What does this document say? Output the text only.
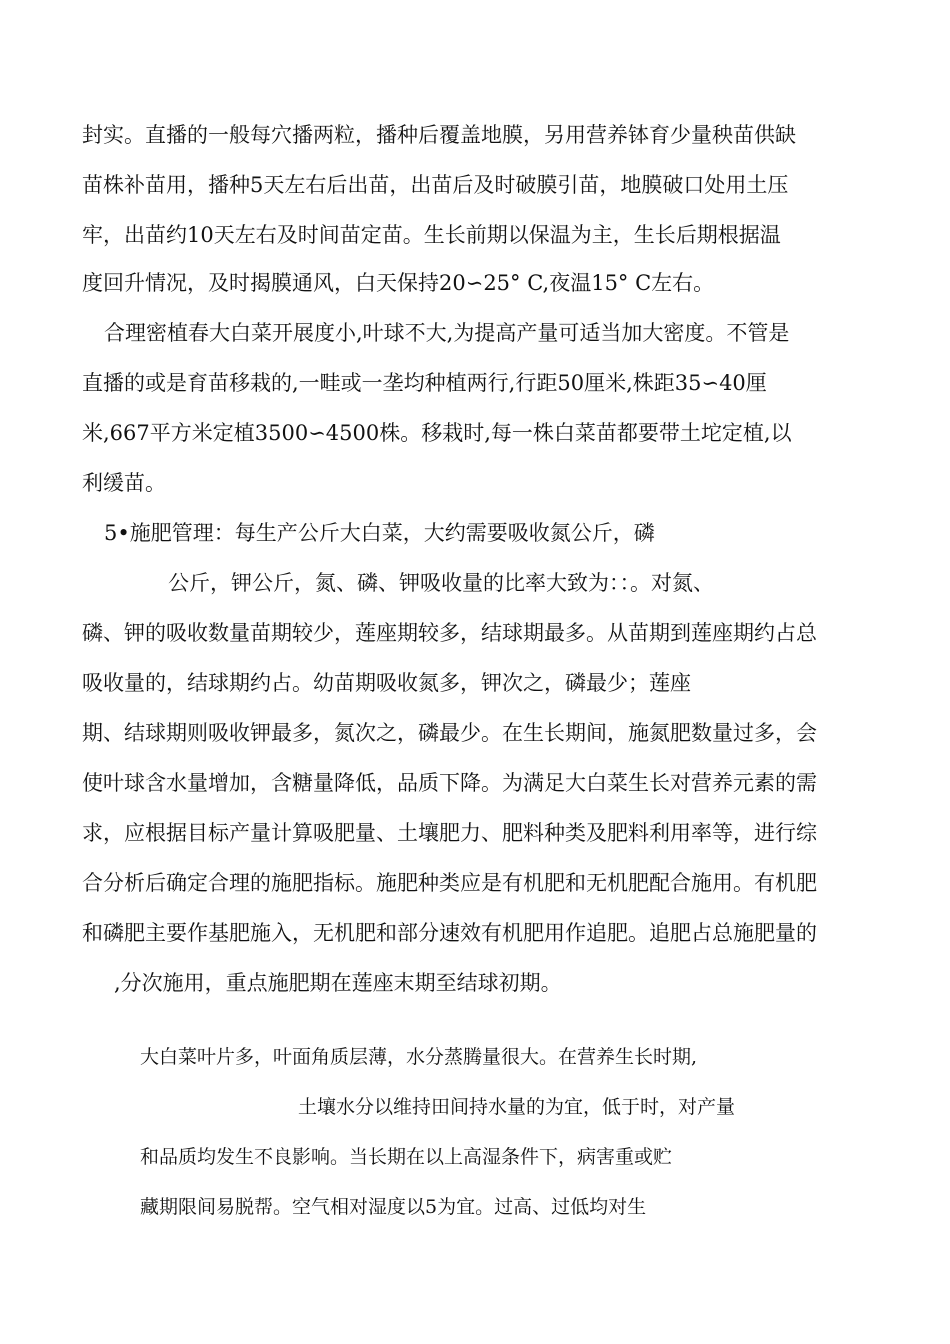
封实。直播的一般每穴播两粒，播种后覆盖地膜，另用营养钵育少量秧苗供缺

苗株补苗用，播种5天左右后出苗，出苗后及时破膜引苗，地膜破口处用土压

牢，出苗约10天左右及时间苗定苗。生长前期以保温为主，生长后期根据温

度回升情况，及时揭膜通风，白天保持20∽25° C,夜温15° C左右。

合理密植春大白菜开展度小,叶球不大,为提高产量可适当加大密度。不管是

直播的或是育苗移栽的,一畦或一垄均种植两行,行距50厘米,株距35∽40厘

米,667平方米定植3500∽4500株。移栽时,每一株白菜苗都要带土坨定植,以

利缓苗。

5•施肥管理：每生产公斤大白菜，大约需要吸收氮公斤，磷

公斤，钾公斤，氮、磷、钾吸收量的比率大致为：：。对氮、

磷、钾的吸收数量苗期较少，莲座期较多，结球期最多。从苗期到莲座期约占总

吸收量的，结球期约占。幼苗期吸收氮多，钾次之，磷最少；莲座

期、结球期则吸收钾最多，氮次之，磷最少。在生长期间，施氮肥数量过多，会

使叶球含水量增加，含糖量降低，品质下降。为满足大白菜生长对营养元素的需

求，应根据目标产量计算吸肥量、土壤肥力、肥料种类及肥料利用率等，进行综

合分析后确定合理的施肥指标。施肥种类应是有机肥和无机肥配合施用。有机肥

和磷肥主要作基肥施入，无机肥和部分速效有机肥用作追肥。追肥占总施肥量的

,分次施用，重点施肥期在莲座末期至结球初期。

大白菜叶片多，叶面角质层薄，水分蒸腾量很大。在营养生长时期,

土壤水分以维持田间持水量的为宜，低于时，对产量

和品质均发生不良影响。当长期在以上高湿条件下，病害重或贮

藏期限间易脱帮。空气相对湿度以5为宜。过高、过低均对生
